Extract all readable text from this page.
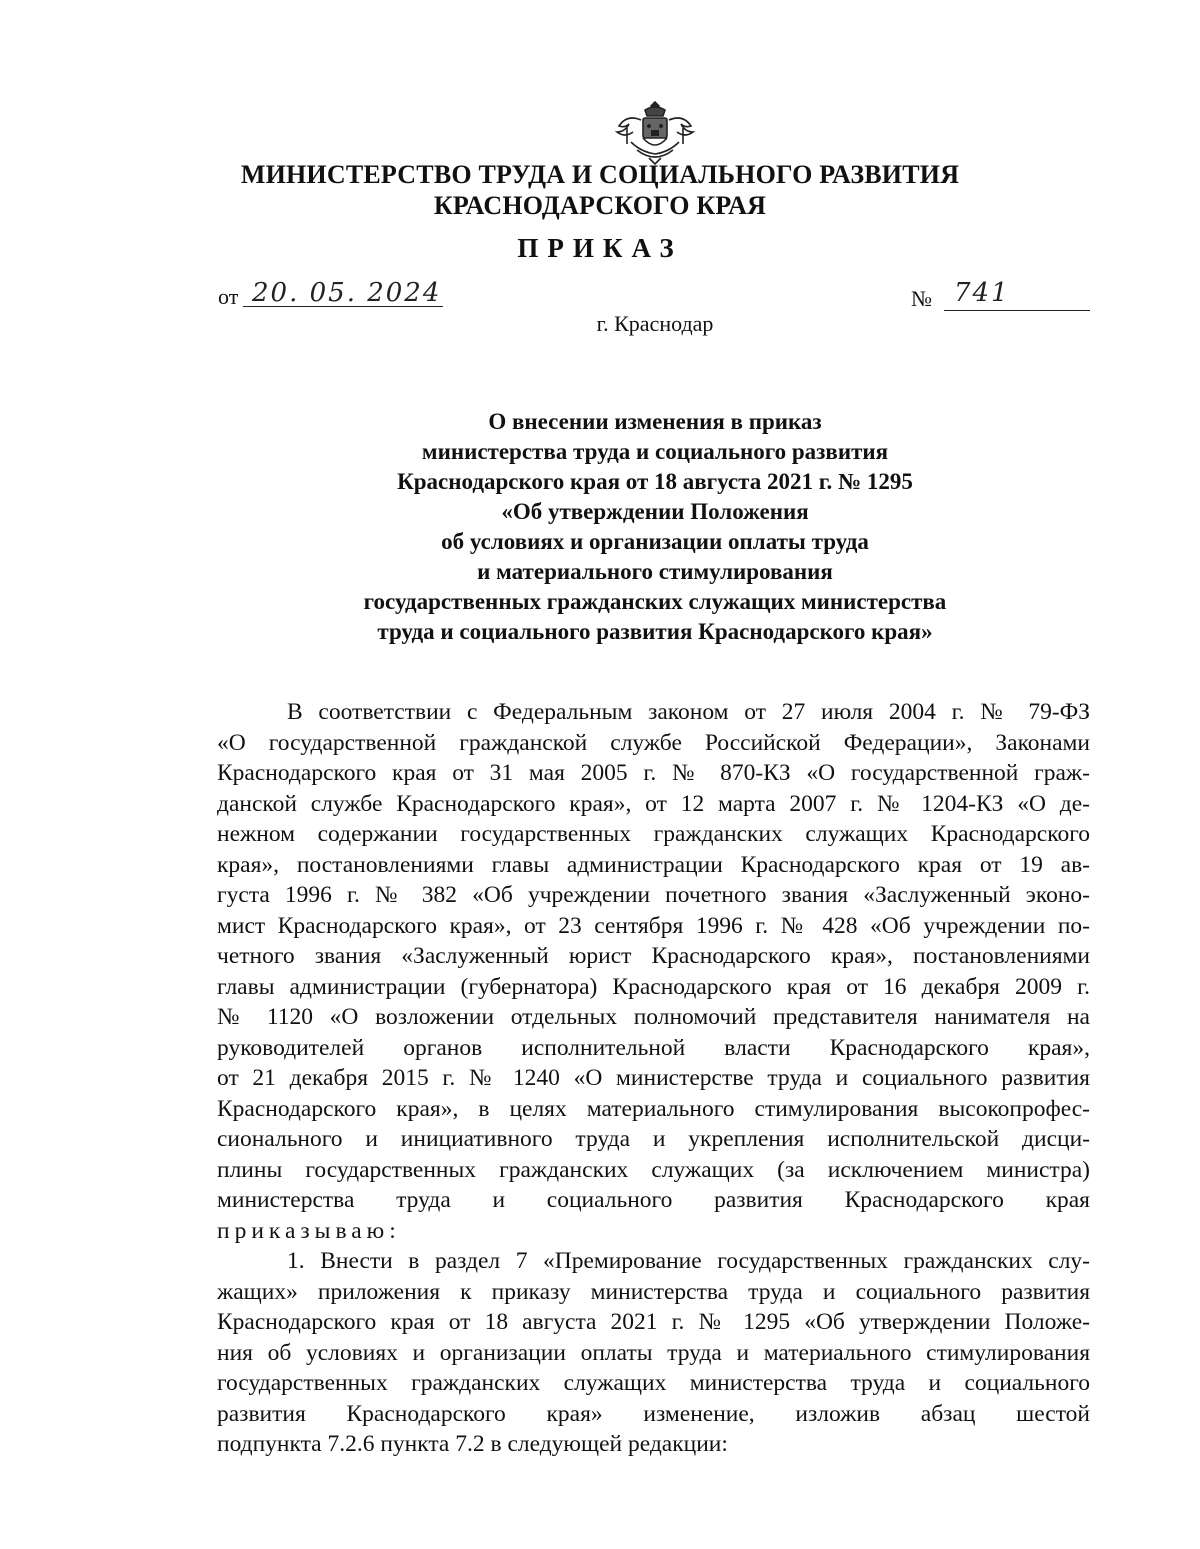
МИНИСТЕРСТВО ТРУДА И СОЦИАЛЬНОГО РАЗВИТИЯ
КРАСНОДАРСКОГО КРАЯ
ПРИКАЗ
от 20. 05. 2024	№ 741
г. Краснодар
О внесении изменения в приказ
министерства труда и социального развития
Краснодарского края от 18 августа 2021 г. № 1295
«Об утверждении Положения
об условиях и организации оплаты труда
и материального стимулирования
государственных гражданских служащих министерства
труда и социального развития Краснодарского края»
В соответствии с Федеральным законом от 27 июля 2004 г. № 79-ФЗ
«О государственной гражданской службе Российской Федерации», Законами
Краснодарского края от 31 мая 2005 г. № 870-КЗ «О государственной граж-
данской службе Краснодарского края», от 12 марта 2007 г. № 1204-КЗ «О де-
нежном содержании государственных гражданских служащих Краснодарского
края», постановлениями главы администрации Краснодарского края от 19 ав-
густа 1996 г. № 382 «Об учреждении почетного звания «Заслуженный эконо-
мист Краснодарского края», от 23 сентября 1996 г. № 428 «Об учреждении по-
четного звания «Заслуженный юрист Краснодарского края», постановлениями
главы администрации (губернатора) Краснодарского края от 16 декабря 2009 г.
№ 1120 «О возложении отдельных полномочий представителя нанимателя на
руководителей органов исполнительной власти Краснодарского края»,
от 21 декабря 2015 г. № 1240 «О министерстве труда и социального развития
Краснодарского края», в целях материального стимулирования высокопрофес-
сионального и инициативного труда и укрепления исполнительской дисци-
плины государственных гражданских служащих (за исключением министра)
министерства труда и социального развития Краснодарского края
приказываю:
1. Внести в раздел 7 «Премирование государственных гражданских слу-
жащих» приложения к приказу министерства труда и социального развития
Краснодарского края от 18 августа 2021 г. № 1295 «Об утверждении Положе-
ния об условиях и организации оплаты труда и материального стимулирования
государственных гражданских служащих министерства труда и социального
развития Краснодарского края» изменение, изложив абзац шестой
подпункта 7.2.6 пункта 7.2 в следующей редакции:
